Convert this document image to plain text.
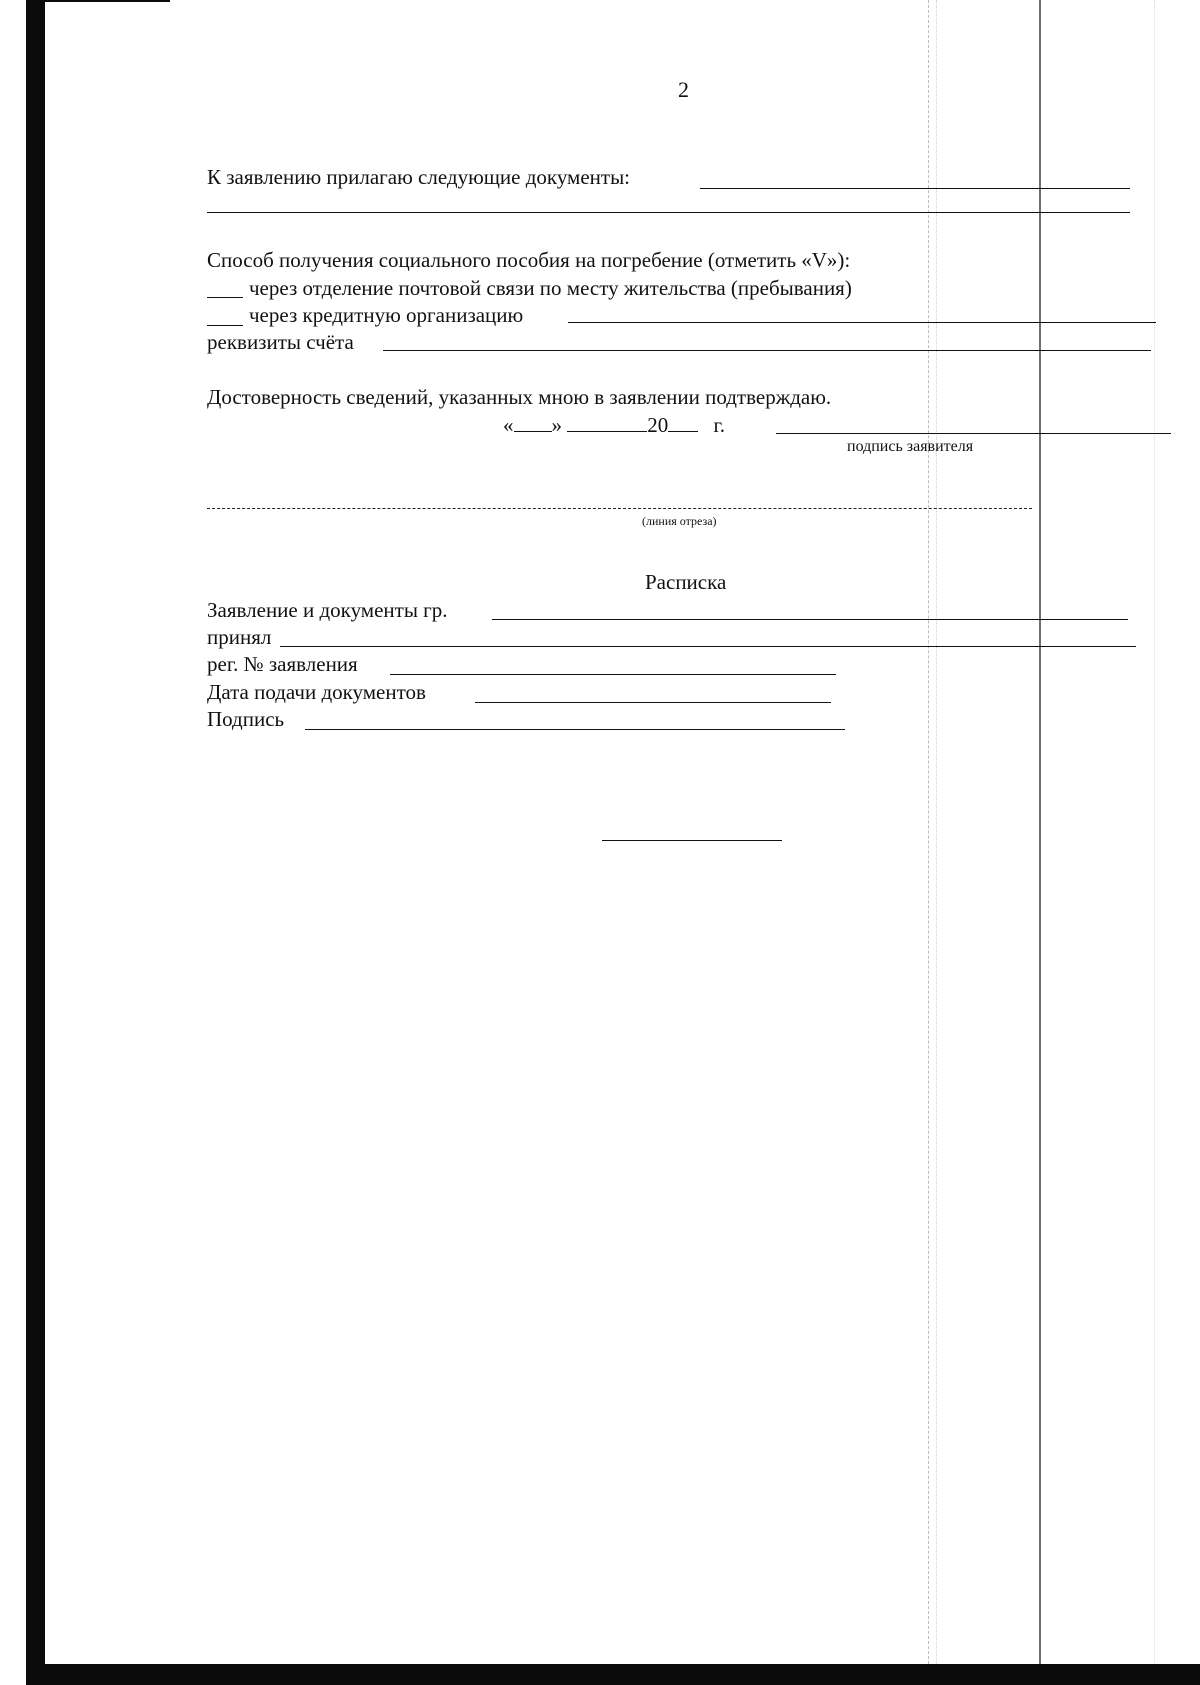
2
К заявлению прилагаю следующие документы:
Способ получения социального пособия на погребение (отметить «V»):
через отделение почтовой связи по месту жительства (пребывания)
через кредитную организацию
реквизиты счёта
Достоверность сведений, указанных мною в заявлении подтверждаю.
« »	20 г.
подпись заявителя
(линия отреза)
Расписка
Заявление и документы гр.
принял
рег. № заявления
Дата подачи документов
Подпись
